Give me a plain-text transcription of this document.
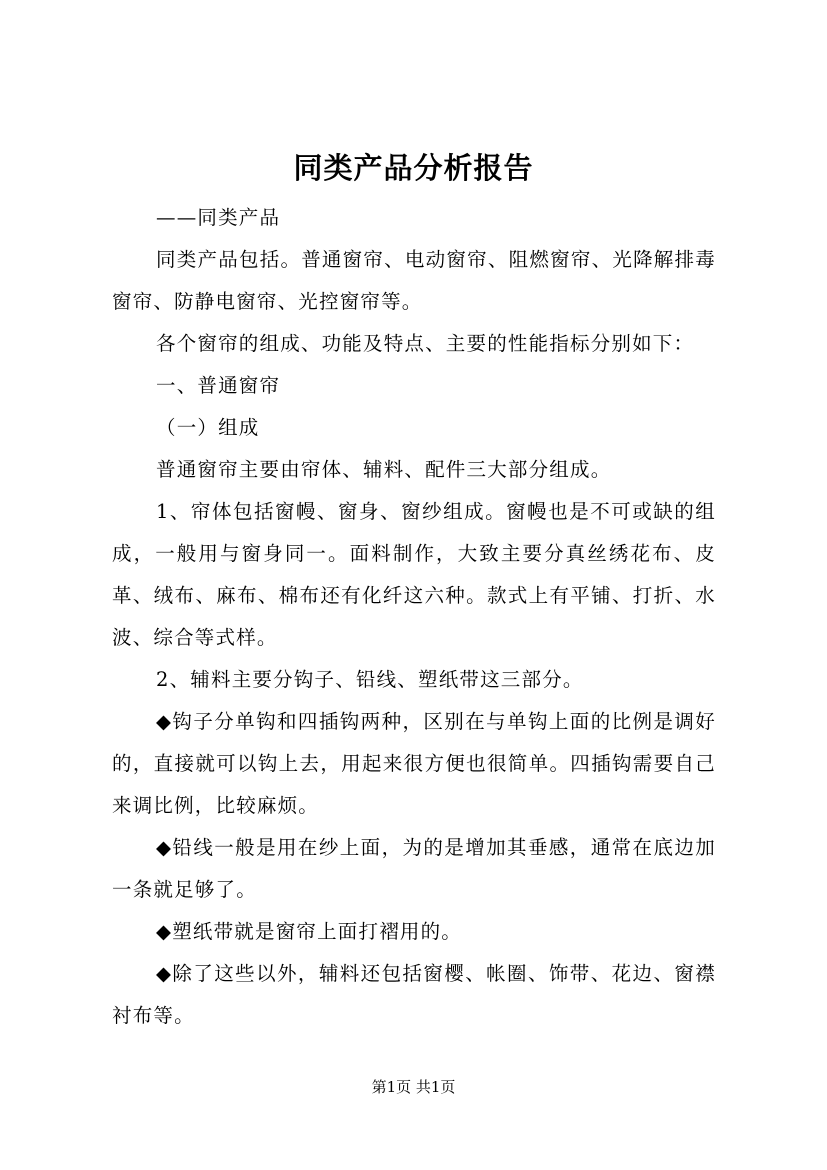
同类产品分析报告

——同类产品

同类产品包括。普通窗帘、电动窗帘、阻燃窗帘、光降解排毒窗帘、防静电窗帘、光控窗帘等。

各个窗帘的组成、功能及特点、主要的性能指标分别如下：

一、普通窗帘

（一）组成

普通窗帘主要由帘体、辅料、配件三大部分组成。

1、帘体包括窗幔、窗身、窗纱组成。窗幔也是不可或缺的组成，一般用与窗身同一。面料制作，大致主要分真丝绣花布、皮革、绒布、麻布、棉布还有化纤这六种。款式上有平铺、打折、水波、综合等式样。

2、辅料主要分钩子、铅线、塑纸带这三部分。

◆钩子分单钩和四插钩两种，区别在与单钩上面的比例是调好的，直接就可以钩上去，用起来很方便也很简单。四插钩需要自己来调比例，比较麻烦。

◆铅线一般是用在纱上面，为的是增加其垂感，通常在底边加一条就足够了。

◆塑纸带就是窗帘上面打褶用的。

◆除了这些以外，辅料还包括窗樱、帐圈、饰带、花边、窗襟衬布等。

第1页 共1页
